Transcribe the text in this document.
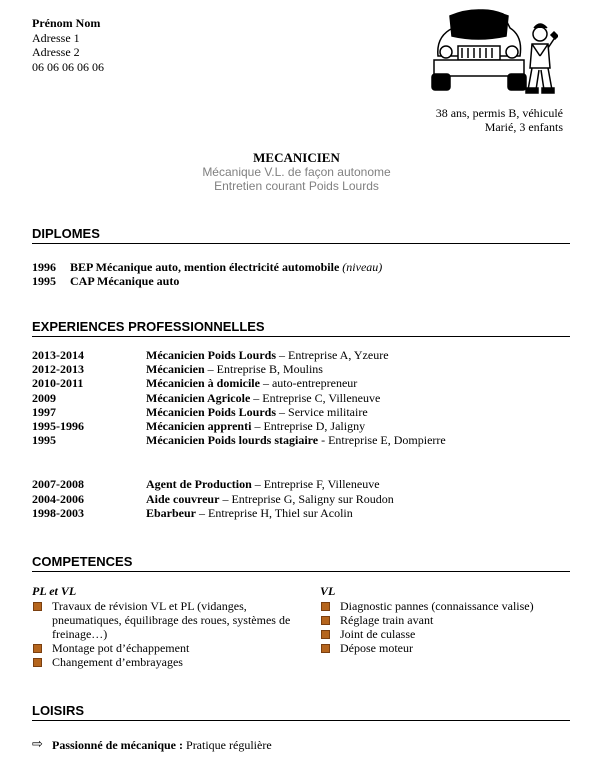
Prénom Nom
Adresse 1
Adresse 2
06 06 06 06 06
38 ans, permis B, véhiculé
Marié, 3 enfants
MECANICIEN
Mécanique V.L. de façon autonome
Entretien courant Poids Lourds
DIPLOMES
1996 BEP Mécanique auto, mention électricité automobile (niveau)
1995 CAP Mécanique auto
EXPERIENCES PROFESSIONNELLES
2013-2014	Mécanicien Poids Lourds – Entreprise A, Yzeure
2012-2013	Mécanicien – Entreprise B, Moulins
2010-2011	Mécanicien à domicile – auto-entrepreneur
2009	Mécanicien Agricole – Entreprise C, Villeneuve
1997	Mécanicien Poids Lourds – Service militaire
1995-1996	Mécanicien apprenti – Entreprise D, Jaligny
1995	Mécanicien Poids lourds stagiaire - Entreprise E, Dompierre
2007-2008	Agent de Production – Entreprise F, Villeneuve
2004-2006	Aide couvreur – Entreprise G, Saligny sur Roudon
1998-2003	Ebarbeur – Entreprise H, Thiel sur Acolin
COMPETENCES
PL et VL
Travaux de révision VL et PL (vidanges, pneumatiques, équilibrage des roues, systèmes de freinage…)
Montage pot d’échappement
Changement d’embrayages
VL
Diagnostic pannes (connaissance valise)
Réglage train avant
Joint de culasse
Dépose moteur
LOISIRS
⇨ Passionné de mécanique : Pratique régulière
